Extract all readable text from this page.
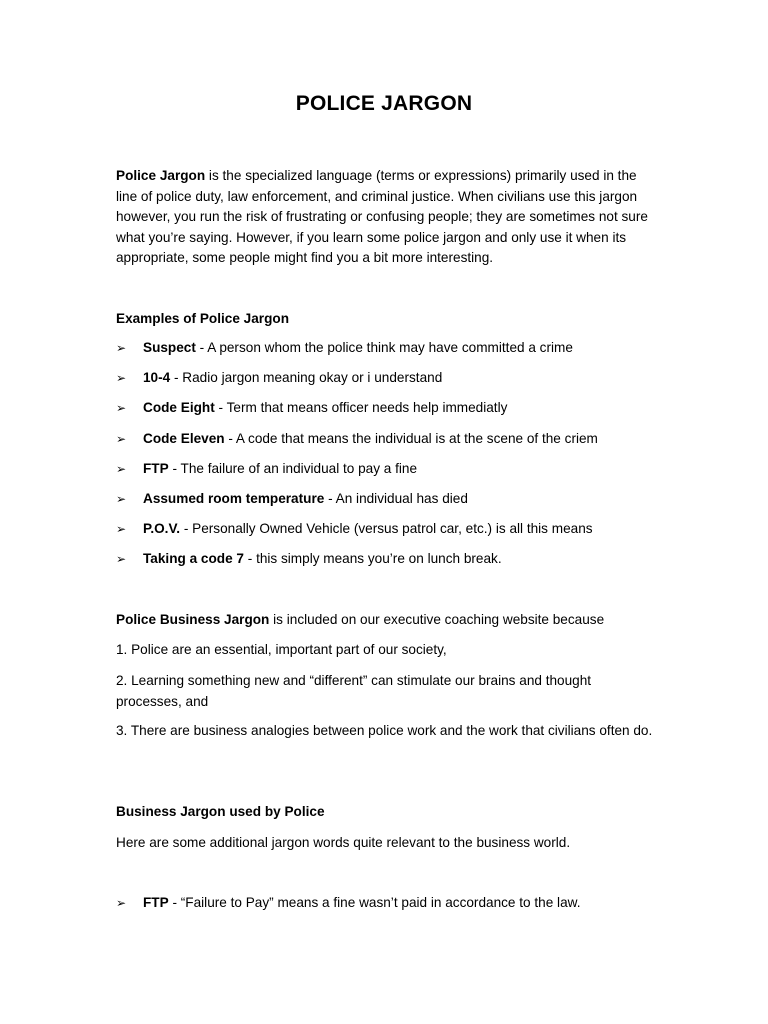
POLICE JARGON

Police Jargon is the specialized language (terms or expressions) primarily used in the line of police duty, law enforcement, and criminal justice. When civilians use this jargon however, you run the risk of frustrating or confusing people; they are sometimes not sure what you’re saying. However, if you learn some police jargon and only use it when its appropriate, some people might find you a bit more interesting.

Examples of Police Jargon
➢ Suspect - A person whom the police think may have committed a crime
➢ 10-4 - Radio jargon meaning okay or i understand
➢ Code Eight - Term that means officer needs help immediatly
➢ Code Eleven - A code that means the individual is at the scene of the criem
➢ FTP - The failure of an individual to pay a fine
➢ Assumed room temperature - An individual has died
➢ P.O.V. - Personally Owned Vehicle (versus patrol car, etc.) is all this means
➢ Taking a code 7 - this simply means you’re on lunch break.

Police Business Jargon is included on our executive coaching website because

1. Police are an essential, important part of our society,

2. Learning something new and “different” can stimulate our brains and thought processes, and

3. There are business analogies between police work and the work that civilians often do.

Business Jargon used by Police

Here are some additional jargon words quite relevant to the business world.

➢ FTP - “Failure to Pay” means a fine wasn’t paid in accordance to the law.
